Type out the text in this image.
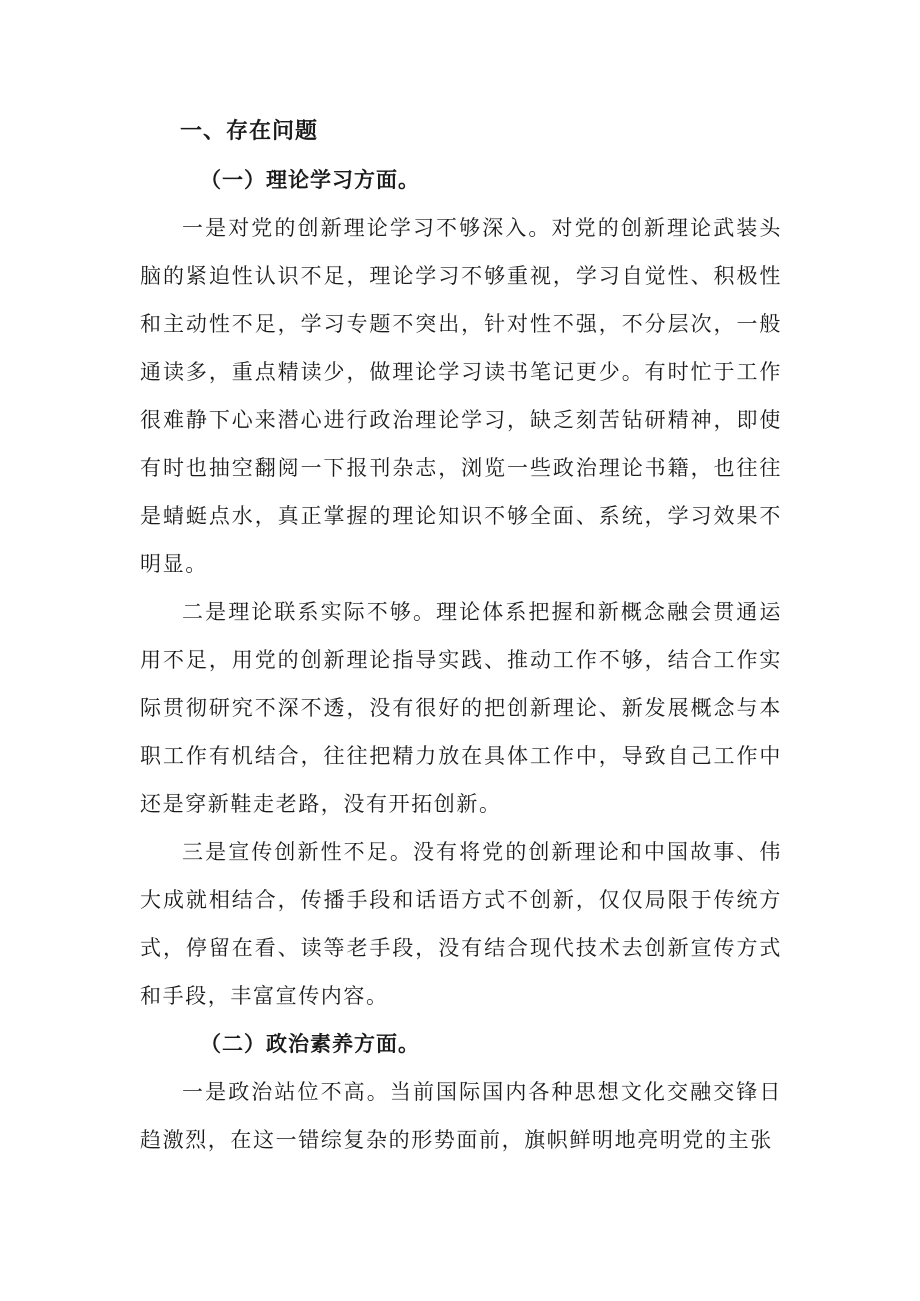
一、存在问题

（一）理论学习方面。

一是对党的创新理论学习不够深入。对党的创新理论武装头脑的紧迫性认识不足，理论学习不够重视，学习自觉性、积极性和主动性不足，学习专题不突出，针对性不强，不分层次，一般通读多，重点精读少，做理论学习读书笔记更少。有时忙于工作很难静下心来潜心进行政治理论学习，缺乏刻苦钻研精神，即使有时也抽空翻阅一下报刊杂志，浏览一些政治理论书籍，也往往是蜻蜓点水，真正掌握的理论知识不够全面、系统，学习效果不明显。

二是理论联系实际不够。理论体系把握和新概念融会贯通运用不足，用党的创新理论指导实践、推动工作不够，结合工作实际贯彻研究不深不透，没有很好的把创新理论、新发展概念与本职工作有机结合，往往把精力放在具体工作中，导致自己工作中还是穿新鞋走老路，没有开拓创新。

三是宣传创新性不足。没有将党的创新理论和中国故事、伟大成就相结合，传播手段和话语方式不创新，仅仅局限于传统方式，停留在看、读等老手段，没有结合现代技术去创新宣传方式和手段，丰富宣传内容。

（二）政治素养方面。

一是政治站位不高。当前国际国内各种思想文化交融交锋日趋激烈，在这一错综复杂的形势面前，旗帜鲜明地亮明党的主张
